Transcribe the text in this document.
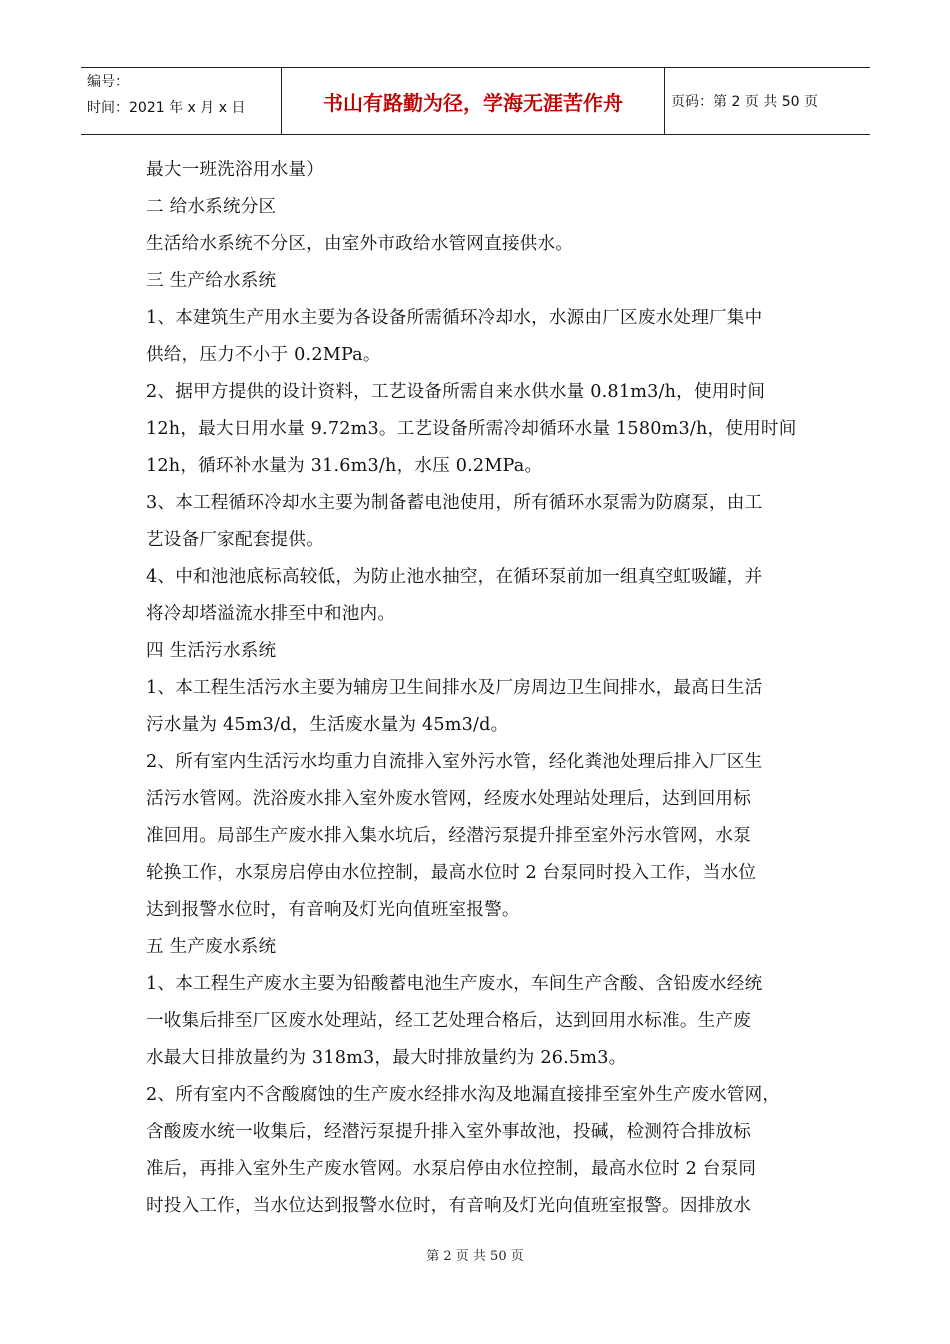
编号：
时间：2021 年 x 月 x 日	书山有路勤为径，学海无涯苦作舟	页码：第 2 页 共 50 页
最大一班洗浴用水量）
二 给水系统分区
生活给水系统不分区，由室外市政给水管网直接供水。
三 生产给水系统
1、本建筑生产用水主要为各设备所需循环冷却水，水源由厂区废水处理厂集中
供给，压力不小于 0.2MPa。
2、据甲方提供的设计资料，工艺设备所需自来水供水量 0.81m3/h，使用时间
12h，最大日用水量 9.72m3。工艺设备所需冷却循环水量 1580m3/h，使用时间
12h，循环补水量为 31.6m3/h，水压 0.2MPa。
3、本工程循环冷却水主要为制备蓄电池使用，所有循环水泵需为防腐泵，由工
艺设备厂家配套提供。
4、中和池池底标高较低，为防止池水抽空，在循环泵前加一组真空虹吸罐，并
将冷却塔溢流水排至中和池内。
四 生活污水系统
1、本工程生活污水主要为辅房卫生间排水及厂房周边卫生间排水，最高日生活
污水量为 45m3/d，生活废水量为 45m3/d。
2、所有室内生活污水均重力自流排入室外污水管，经化粪池处理后排入厂区生
活污水管网。洗浴废水排入室外废水管网，经废水处理站处理后，达到回用标
准回用。局部生产废水排入集水坑后，经潜污泵提升排至室外污水管网，水泵
轮换工作，水泵房启停由水位控制，最高水位时 2 台泵同时投入工作，当水位
达到报警水位时，有音响及灯光向值班室报警。
五 生产废水系统
1、本工程生产废水主要为铅酸蓄电池生产废水，车间生产含酸、含铅废水经统
一收集后排至厂区废水处理站，经工艺处理合格后，达到回用水标准。生产废
水最大日排放量约为 318m3，最大时排放量约为 26.5m3。
2、所有室内不含酸腐蚀的生产废水经排水沟及地漏直接排至室外生产废水管网，
含酸废水统一收集后，经潜污泵提升排入室外事故池，投碱，检测符合排放标
准后，再排入室外生产废水管网。水泵启停由水位控制，最高水位时 2 台泵同
时投入工作，当水位达到报警水位时，有音响及灯光向值班室报警。因排放水
第 2 页 共 50 页
